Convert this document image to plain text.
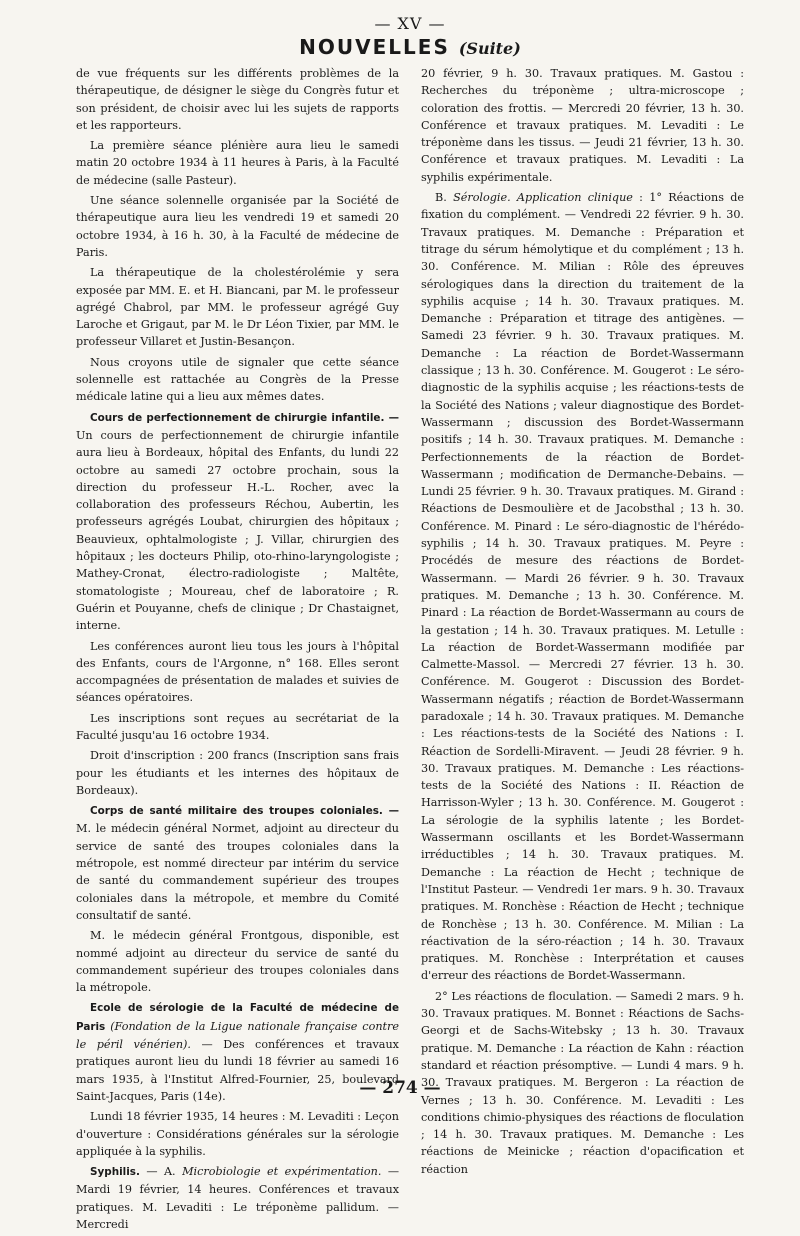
— XV —
NOUVELLES (Suite)

de vue fréquents sur les différents problèmes de la thérapeutique, de désigner le siège du Congrès futur et son président, de choisir avec lui les sujets de rapports et les rapporteurs.

La première séance plénière aura lieu le samedi matin 20 octobre 1934 à 11 heures à Paris, à la Faculté de médecine (salle Pasteur).

Une séance solennelle organisée par la Société de thérapeutique aura lieu les vendredi 19 et samedi 20 octobre 1934, à 16 h. 30, à la Faculté de médecine de Paris.

La thérapeutique de la cholestérolémie y sera exposée par MM. E. et H. Biancani, par M. le professeur agrégé Chabrol, par MM. le professeur agrégé Guy Laroche et Grigaut, par M. le Dr Léon Tixier, par MM. le professeur Villaret et Justin-Besançon.

Nous croyons utile de signaler que cette séance solennelle est rattachée au Congrès de la Presse médicale latine qui a lieu aux mêmes dates.

Cours de perfectionnement de chirurgie infantile. — Un cours de perfectionnement de chirurgie infantile aura lieu à Bordeaux, hôpital des Enfants, du lundi 22 octobre au samedi 27 octobre prochain, sous la direction du professeur H.-L. Rocher, avec la collaboration des professeurs Réchou, Aubertin, les professeurs agrégés Loubat, chirurgien des hôpitaux ; Beauvieux, ophtalmologiste ; J. Villar, chirurgien des hôpitaux ; les docteurs Philip, oto-rhino-laryngologiste ; Mathey-Cronat, électro-radiologiste ; Maltête, stomatologiste ; Moureau, chef de laboratoire ; R. Guérin et Pouyanne, chefs de clinique ; Dr Chastaignet, interne.

Les conférences auront lieu tous les jours à l'hôpital des Enfants, cours de l'Argonne, n° 168. Elles seront accompagnées de présentation de malades et suivies de séances opératoires.

Les inscriptions sont reçues au secrétariat de la Faculté jusqu'au 16 octobre 1934.

Droit d'inscription : 200 francs (Inscription sans frais pour les étudiants et les internes des hôpitaux de Bordeaux).

Corps de santé militaire des troupes coloniales. — M. le médecin général Normet, adjoint au directeur du service de santé des troupes coloniales dans la métropole, est nommé directeur par intérim du service de santé du commandement supérieur des troupes coloniales dans la métropole, et membre du Comité consultatif de santé.

M. le médecin général Frontgous, disponible, est nommé adjoint au directeur du service de santé du commandement supérieur des troupes coloniales dans la métropole.

Ecole de sérologie de la Faculté de médecine de Paris (Fondation de la Ligue nationale française contre le péril vénérien). — Des conférences et travaux pratiques auront lieu du lundi 18 février au samedi 16 mars 1935, à l'Institut Alfred-Fournier, 25, boulevard Saint-Jacques, Paris (14e).

Lundi 18 février 1935, 14 heures : M. Levaditi : Leçon d'ouverture : Considérations générales sur la sérologie appliquée à la syphilis.

Syphilis. — A. Microbiologie et expérimentation. — Mardi 19 février, 14 heures. Conférences et travaux pratiques. M. Levaditi : Le tréponème pallidum. — Mercredi

20 février, 9 h. 30. Travaux pratiques. M. Gastou : Recherches du tréponème ; ultra-microscope ; coloration des frottis. — Mercredi 20 février, 13 h. 30. Conférence et travaux pratiques. M. Levaditi : Le tréponème dans les tissus. — Jeudi 21 février, 13 h. 30. Conférence et travaux pratiques. M. Levaditi : La syphilis expérimentale.

B. Sérologie. Application clinique : 1° Réactions de fixation du complément. — Vendredi 22 février. 9 h. 30. Travaux pratiques. M. Demanche : Préparation et titrage du sérum hémolytique et du complément ; 13 h. 30. Conférence. M. Milian : Rôle des épreuves sérologiques dans la direction du traitement de la syphilis acquise ; 14 h. 30. Travaux pratiques. M. Demanche : Préparation et titrage des antigènes. — Samedi 23 février. 9 h. 30. Travaux pratiques. M. Demanche : La réaction de Bordet-Wassermann classique ; 13 h. 30. Conférence. M. Gougerot : Le séro-diagnostic de la syphilis acquise ; les réactions-tests de la Société des Nations ; valeur diagnostique des Bordet-Wassermann ; discussion des Bordet-Wassermann positifs ; 14 h. 30. Travaux pratiques. M. Demanche : Perfectionnements de la réaction de Bordet-Wassermann ; modification de Dermanche-Debains. — Lundi 25 février. 9 h. 30. Travaux pratiques. M. Girand : Réactions de Desmoulière et de Jacobsthal ; 13 h. 30. Conférence. M. Pinard : Le séro-diagnostic de l'hérédo-syphilis ; 14 h. 30. Travaux pratiques. M. Peyre : Procédés de mesure des réactions de Bordet-Wassermann. — Mardi 26 février. 9 h. 30. Travaux pratiques. M. Demanche ; 13 h. 30. Conférence. M. Pinard : La réaction de Bordet-Wassermann au cours de la gestation ; 14 h. 30. Travaux pratiques. M. Letulle : La réaction de Bordet-Wassermann modifiée par Calmette-Massol. — Mercredi 27 février. 13 h. 30. Conférence. M. Gougerot : Discussion des Bordet-Wassermann négatifs ; réaction de Bordet-Wassermann paradoxale ; 14 h. 30. Travaux pratiques. M. Demanche : Les réactions-tests de la Société des Nations : I. Réaction de Sordelli-Miravent. — Jeudi 28 février. 9 h. 30. Travaux pratiques. M. Demanche : Les réactions-tests de la Société des Nations : II. Réaction de Harrisson-Wyler ; 13 h. 30. Conférence. M. Gougerot : La sérologie de la syphilis latente ; les Bordet-Wassermann oscillants et les Bordet-Wassermann irréductibles ; 14 h. 30. Travaux pratiques. M. Demanche : La réaction de Hecht ; technique de l'Institut Pasteur. — Vendredi 1er mars. 9 h. 30. Travaux pratiques. M. Ronchèse : Réaction de Hecht ; technique de Ronchèse ; 13 h. 30. Conférence. M. Milian : La réactivation de la séro-réaction ; 14 h. 30. Travaux pratiques. M. Ronchèse : Interprétation et causes d'erreur des réactions de Bordet-Wassermann.

2° Les réactions de floculation. — Samedi 2 mars. 9 h. 30. Travaux pratiques. M. Bonnet : Réactions de Sachs-Georgi et de Sachs-Witebsky ; 13 h. 30. Travaux pratique. M. Demanche : La réaction de Kahn : réaction standard et réaction présomptive. — Lundi 4 mars. 9 h. 30. Travaux pratiques. M. Bergeron : La réaction de Vernes ; 13 h. 30. Conférence. M. Levaditi : Les conditions chimio-physiques des réactions de floculation ; 14 h. 30. Travaux pratiques. M. Demanche : Les réactions de Meinicke ; réaction d'opacification et réaction

— 274 —
